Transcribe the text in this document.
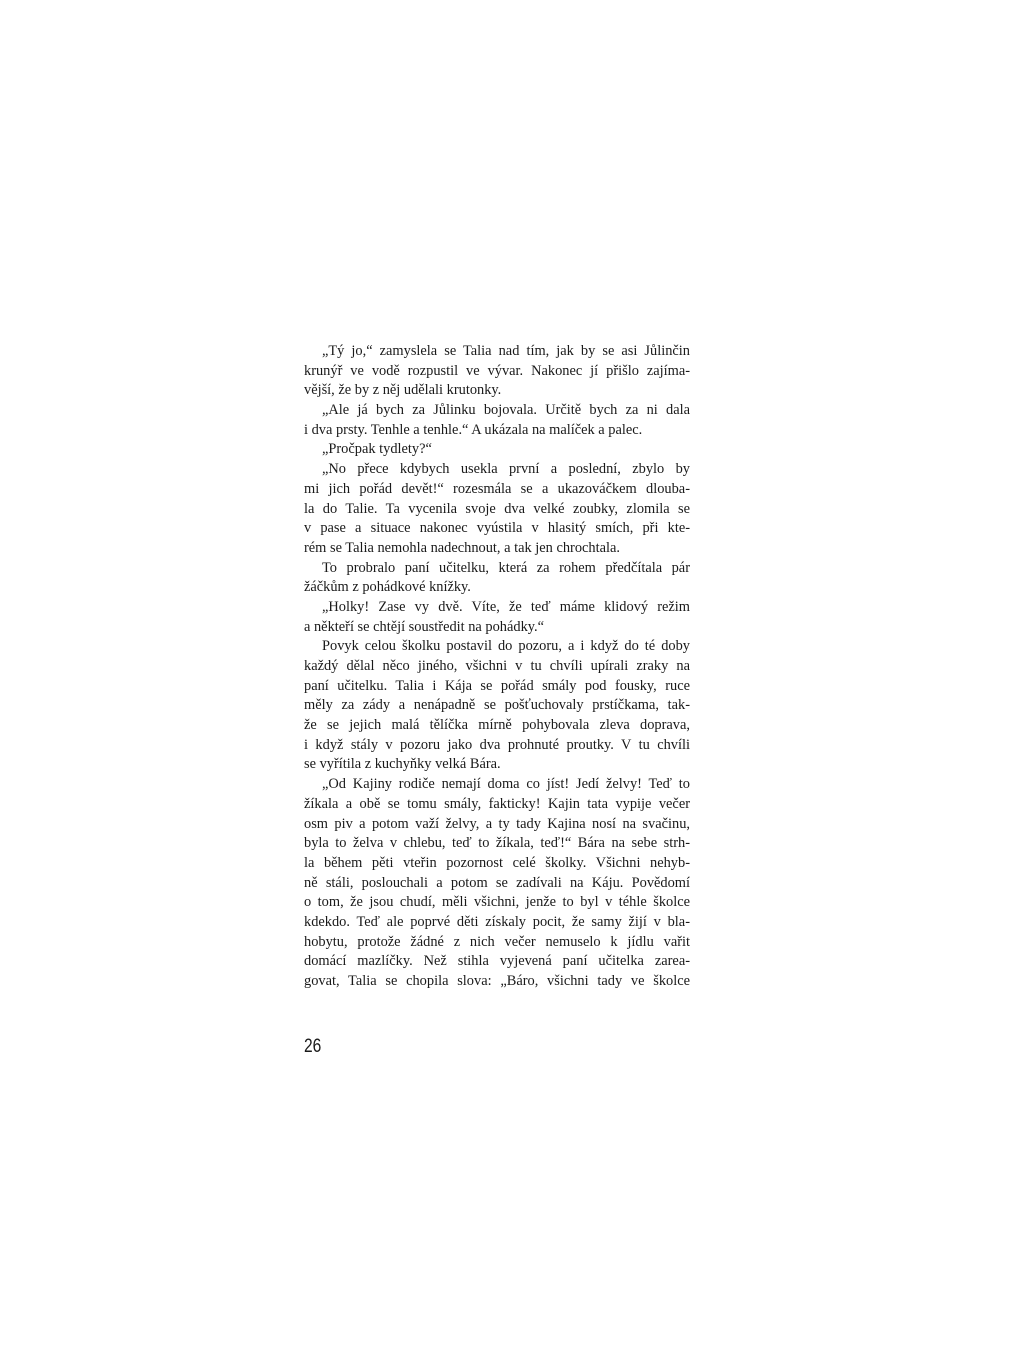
„Tý jo,“ zamyslela se Talia nad tím, jak by se asi Jůlinčin
krunýř ve vodě rozpustil ve vývar. Nakonec jí přišlo zajíma-
vější, že by z něj udělali krutonky.
„Ale já bych za Jůlinku bojovala. Určitě bych za ni dala
i dva prsty. Tenhle a tenhle.“ A ukázala na malíček a palec.
„Pročpak tydlety?“
„No přece kdybych usekla první a poslední, zbylo by
mi jich pořád devět!“ rozesmála se a ukazováčkem dlouba-
la do Talie. Ta vycenila svoje dva velké zoubky, zlomila se
v pase a situace nakonec vyústila v hlasitý smích, při kte-
rém se Talia nemohla nadechnout, a tak jen chrochtala.
To probralo paní učitelku, která za rohem předčítala pár
žáčkům z pohádkové knížky.
„Holky! Zase vy dvě. Víte, že teď máme klidový režim
a někteří se chtějí soustředit na pohádky.“
Povyk celou školku postavil do pozoru, a i když do té doby
každý dělal něco jiného, všichni v tu chvíli upírali zraky na
paní učitelku. Talia i Kája se pořád smály pod fousky, ruce
měly za zády a nenápadně se pošťuchovaly prstíčkama, tak-
že se jejich malá tělíčka mírně pohybovala zleva doprava,
i když stály v pozoru jako dva prohnuté proutky. V tu chvíli
se vyřítila z kuchyňky velká Bára.
„Od Kajiny rodiče nemají doma co jíst! Jedí želvy! Teď to
žíkala a obě se tomu smály, fakticky! Kajin tata vypije večer
osm piv a potom važí želvy, a ty tady Kajina nosí na svačinu,
byla to želva v chlebu, teď to žíkala, teď!“ Bára na sebe strh-
la během pěti vteřin pozornost celé školky. Všichni nehyb-
ně stáli, poslouchali a potom se zadívali na Káju. Povědomí
o tom, že jsou chudí, měli všichni, jenže to byl v téhle školce
kdekdo. Teď ale poprvé děti získaly pocit, že samy žijí v bla-
hobytu, protože žádné z nich večer nemuselo k jídlu vařit
domácí mazlíčky. Než stihla vyjevená paní učitelka zarea-
govat, Talia se chopila slova: „Báro, všichni tady ve školce
26
